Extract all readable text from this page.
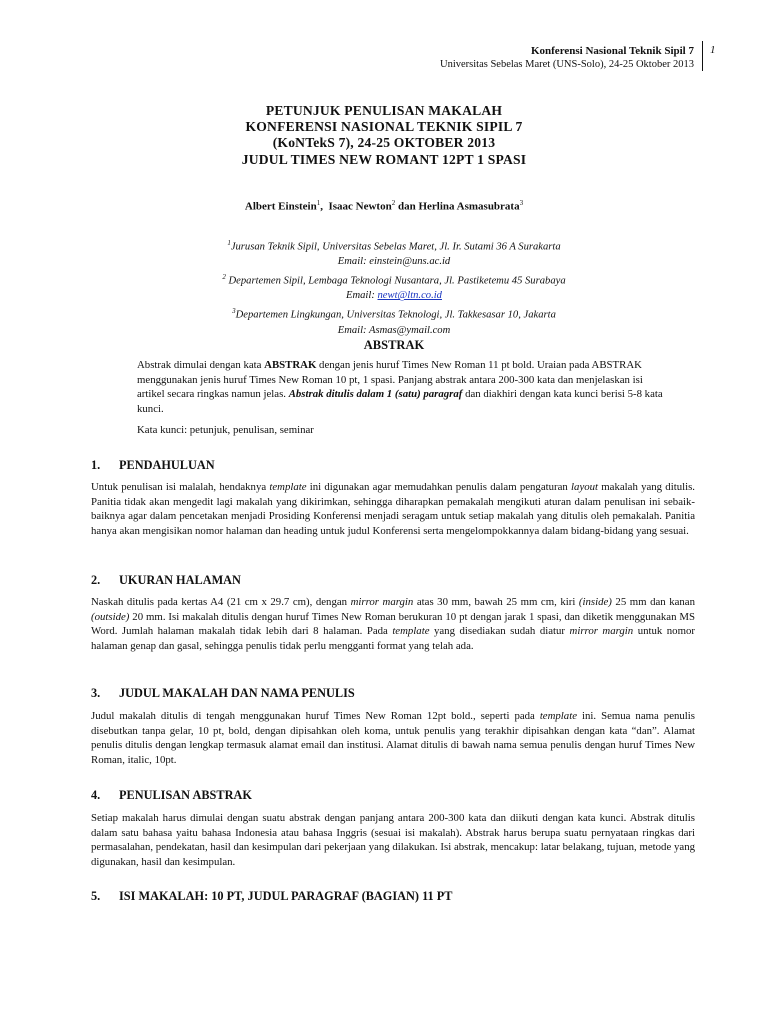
Konferensi Nasional Teknik Sipil 7
Universitas Sebelas Maret (UNS-Solo), 24-25 Oktober 2013
1
PETUNJUK PENULISAN MAKALAH
KONFERENSI NASIONAL TEKNIK SIPIL 7
(KoNTekS 7), 24-25 OKTOBER 2013
JUDUL TIMES NEW ROMANT 12PT 1 SPASI
Albert Einstein$^1$,  Isaac Newton$^2$ dan Herlina Asmasubrata$^3$
$^1$Jurusan Teknik Sipil, Universitas Sebelas Maret, Jl. Ir. Sutami 36 A Surakarta
Email: einstein@uns.ac.id
$^2$ Departemen Sipil, Lembaga Teknologi Nusantara, Jl. Pastiketemu 45 Surabaya
Email: newt@ltn.co.id
$^3$Departemen Lingkungan, Universitas Teknologi, Jl. Takkesasar 10, Jakarta
Email: Asmas@ymail.com
ABSTRAK
Abstrak dimulai dengan kata ABSTRAK dengan jenis huruf Times New Roman 11 pt bold. Uraian pada ABSTRAK menggunakan jenis huruf Times New Roman 10 pt, 1 spasi. Panjang abstrak antara 200-300 kata dan menjelaskan isi artikel secara ringkas namun jelas. Abstrak ditulis dalam 1 (satu) paragraf dan diakhiri dengan kata kunci berisi 5-8 kata kunci.
Kata kunci: petunjuk, penulisan, seminar
1. PENDAHULUAN
Untuk penulisan isi malalah, hendaknya template ini digunakan agar memudahkan penulis dalam pengaturan layout makalah yang ditulis. Panitia tidak akan mengedit lagi makalah yang dikirimkan, sehingga diharapkan pemakalah mengikuti aturan dalam penulisan ini sebaik-baiknya agar dalam pencetakan menjadi Prosiding Konferensi menjadi seragam untuk setiap makalah yang ditulis oleh pemakalah. Panitia hanya akan mengisikan nomor halaman dan heading untuk judul Konferensi serta mengelompokkannya dalam bidang-bidang yang sesuai.
2. UKURAN HALAMAN
Naskah ditulis pada kertas A4 (21 cm x 29.7 cm), dengan mirror margin atas 30 mm, bawah 25 mm cm, kiri (inside) 25 mm dan kanan (outside) 20 mm. Isi makalah ditulis dengan huruf Times New Roman berukuran 10 pt dengan jarak 1 spasi, dan diketik menggunakan MS Word. Jumlah halaman makalah tidak lebih dari 8 halaman. Pada template yang disediakan sudah diatur mirror margin untuk nomor halaman genap dan gasal, sehingga penulis tidak perlu mengganti format yang telah ada.
3. JUDUL MAKALAH DAN NAMA PENULIS
Judul makalah ditulis di tengah menggunakan huruf Times New Roman 12pt bold., seperti pada template ini. Semua nama penulis disebutkan tanpa gelar, 10 pt, bold, dengan dipisahkan oleh koma, untuk penulis yang terakhir dipisahkan dengan kata “dan”. Alamat penulis ditulis dengan lengkap termasuk alamat email dan institusi. Alamat ditulis di bawah nama semua penulis dengan huruf Times New Roman, italic, 10pt.
4. PENULISAN ABSTRAK
Setiap makalah harus dimulai dengan suatu abstrak dengan panjang antara 200-300 kata dan diikuti dengan kata kunci. Abstrak ditulis dalam satu bahasa yaitu bahasa Indonesia atau bahasa Inggris (sesuai isi makalah). Abstrak harus berupa suatu pernyataan ringkas dari permasalahan, pendekatan, hasil dan kesimpulan dari pekerjaan yang dilakukan. Isi abstrak, mencakup: latar belakang, tujuan, metode yang digunakan, hasil dan kesimpulan.
5. ISI MAKALAH: 10 PT, JUDUL PARAGRAF (BAGIAN) 11 PT
